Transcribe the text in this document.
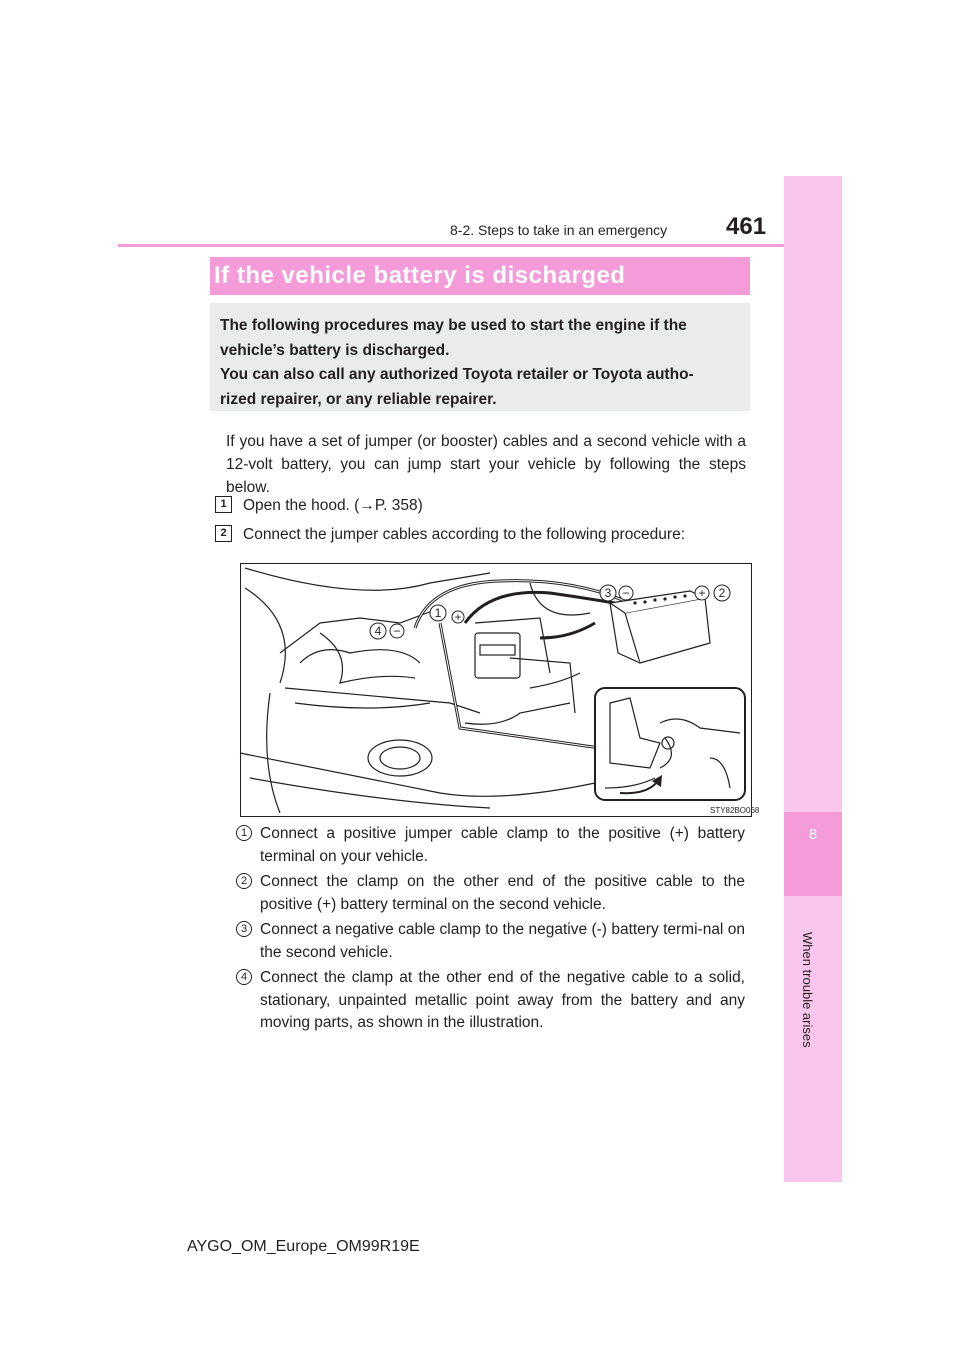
8
When trouble arises
8-2. Steps to take in an emergency 461
If the vehicle battery is discharged
The following procedures may be used to start the engine if the
vehicle’s battery is discharged.
You can also call any authorized Toyota retailer or Toyota autho-
rized repairer, or any reliable repairer.
If you have a set of jumper (or booster) cables and a second vehicle with a 12-volt battery, you can jump start your vehicle by following the steps below.
1	Open the hood. (→P. 358)
2	Connect the jumper cables according to the following procedure:
1 +
2
+
3 −
4 −
STY82BO068
1 Connect a positive jumper cable clamp to the positive (+) battery terminal on your vehicle.
2 Connect the clamp on the other end of the positive cable to the positive (+) battery terminal on the second vehicle.
3 Connect a negative cable clamp to the negative (-) battery termi-nal on the second vehicle.
4 Connect the clamp at the other end of the negative cable to a solid, stationary, unpainted metallic point away from the battery and any moving parts, as shown in the illustration.
AYGO_OM_Europe_OM99R19E
